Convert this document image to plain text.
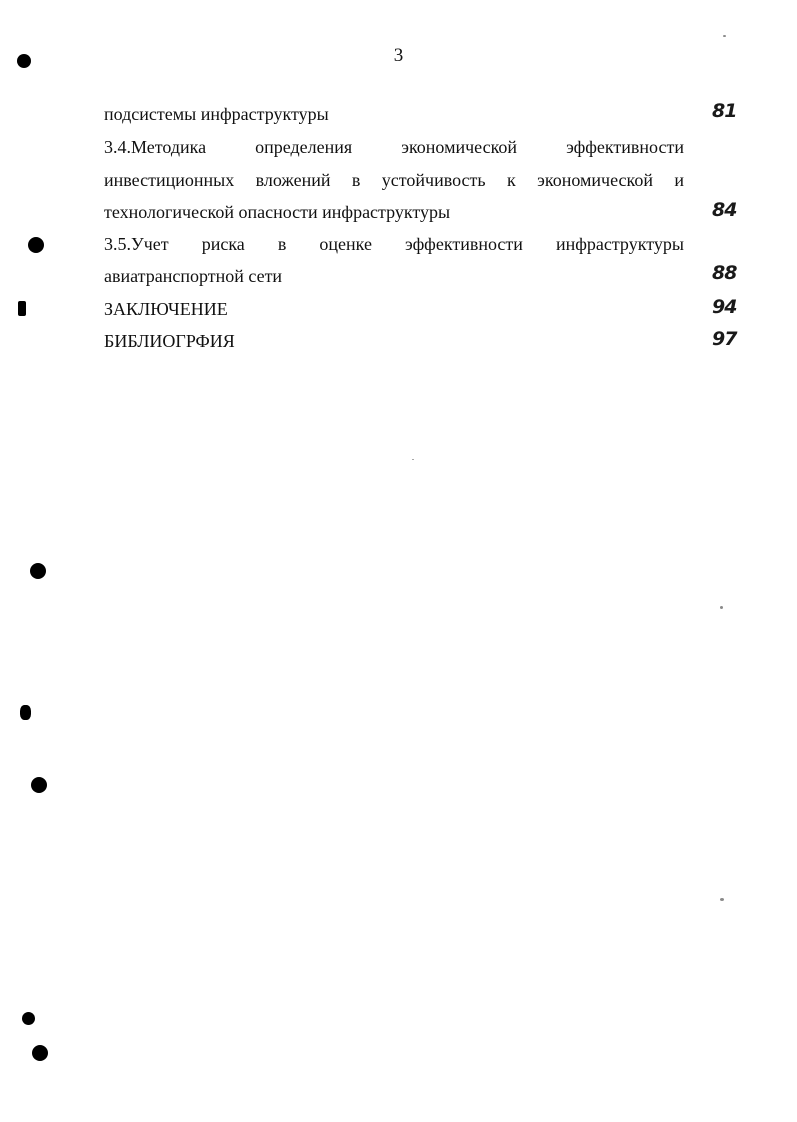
3
подсистемы инфраструктуры	81
3.4.Методика	определения	экономической	эффективности
инвестиционных вложений в устойчивость к экономической и
технологической опасности инфраструктуры	84
3.5.Учет риска в оценке эффективности инфраструктуры
авиатранспортной сети	88
ЗАКЛЮЧЕНИЕ	94
БИБЛИОГРФИЯ	97
